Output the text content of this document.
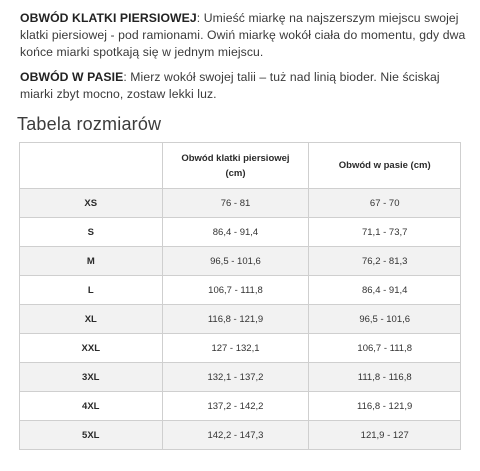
OBWÓD KLATKI PIERSIOWEJ: Umieść miarkę na najszerszym miejscu swojej klatki piersiowej - pod ramionami. Owiń miarkę wokół ciała do momentu, gdy dwa końce miarki spotkają się w jednym miejscu.

OBWÓD W PASIE: Mierz wokół swojej talii – tuż nad linią bioder. Nie ściskaj miarki zbyt mocno, zostaw lekki luz.

Tabela rozmiarów

	Obwód klatki piersiowej (cm)	Obwód w pasie (cm)
XS	76 - 81	67 - 70
S	86,4 - 91,4	71,1 - 73,7
M	96,5 - 101,6	76,2 - 81,3
L	106,7 - 111,8	86,4 - 91,4
XL	116,8 - 121,9	96,5 - 101,6
XXL	127 - 132,1	106,7 - 111,8
3XL	132,1 - 137,2	111,8 - 116,8
4XL	137,2 - 142,2	116,8 - 121,9
5XL	142,2 - 147,3	121,9 - 127
